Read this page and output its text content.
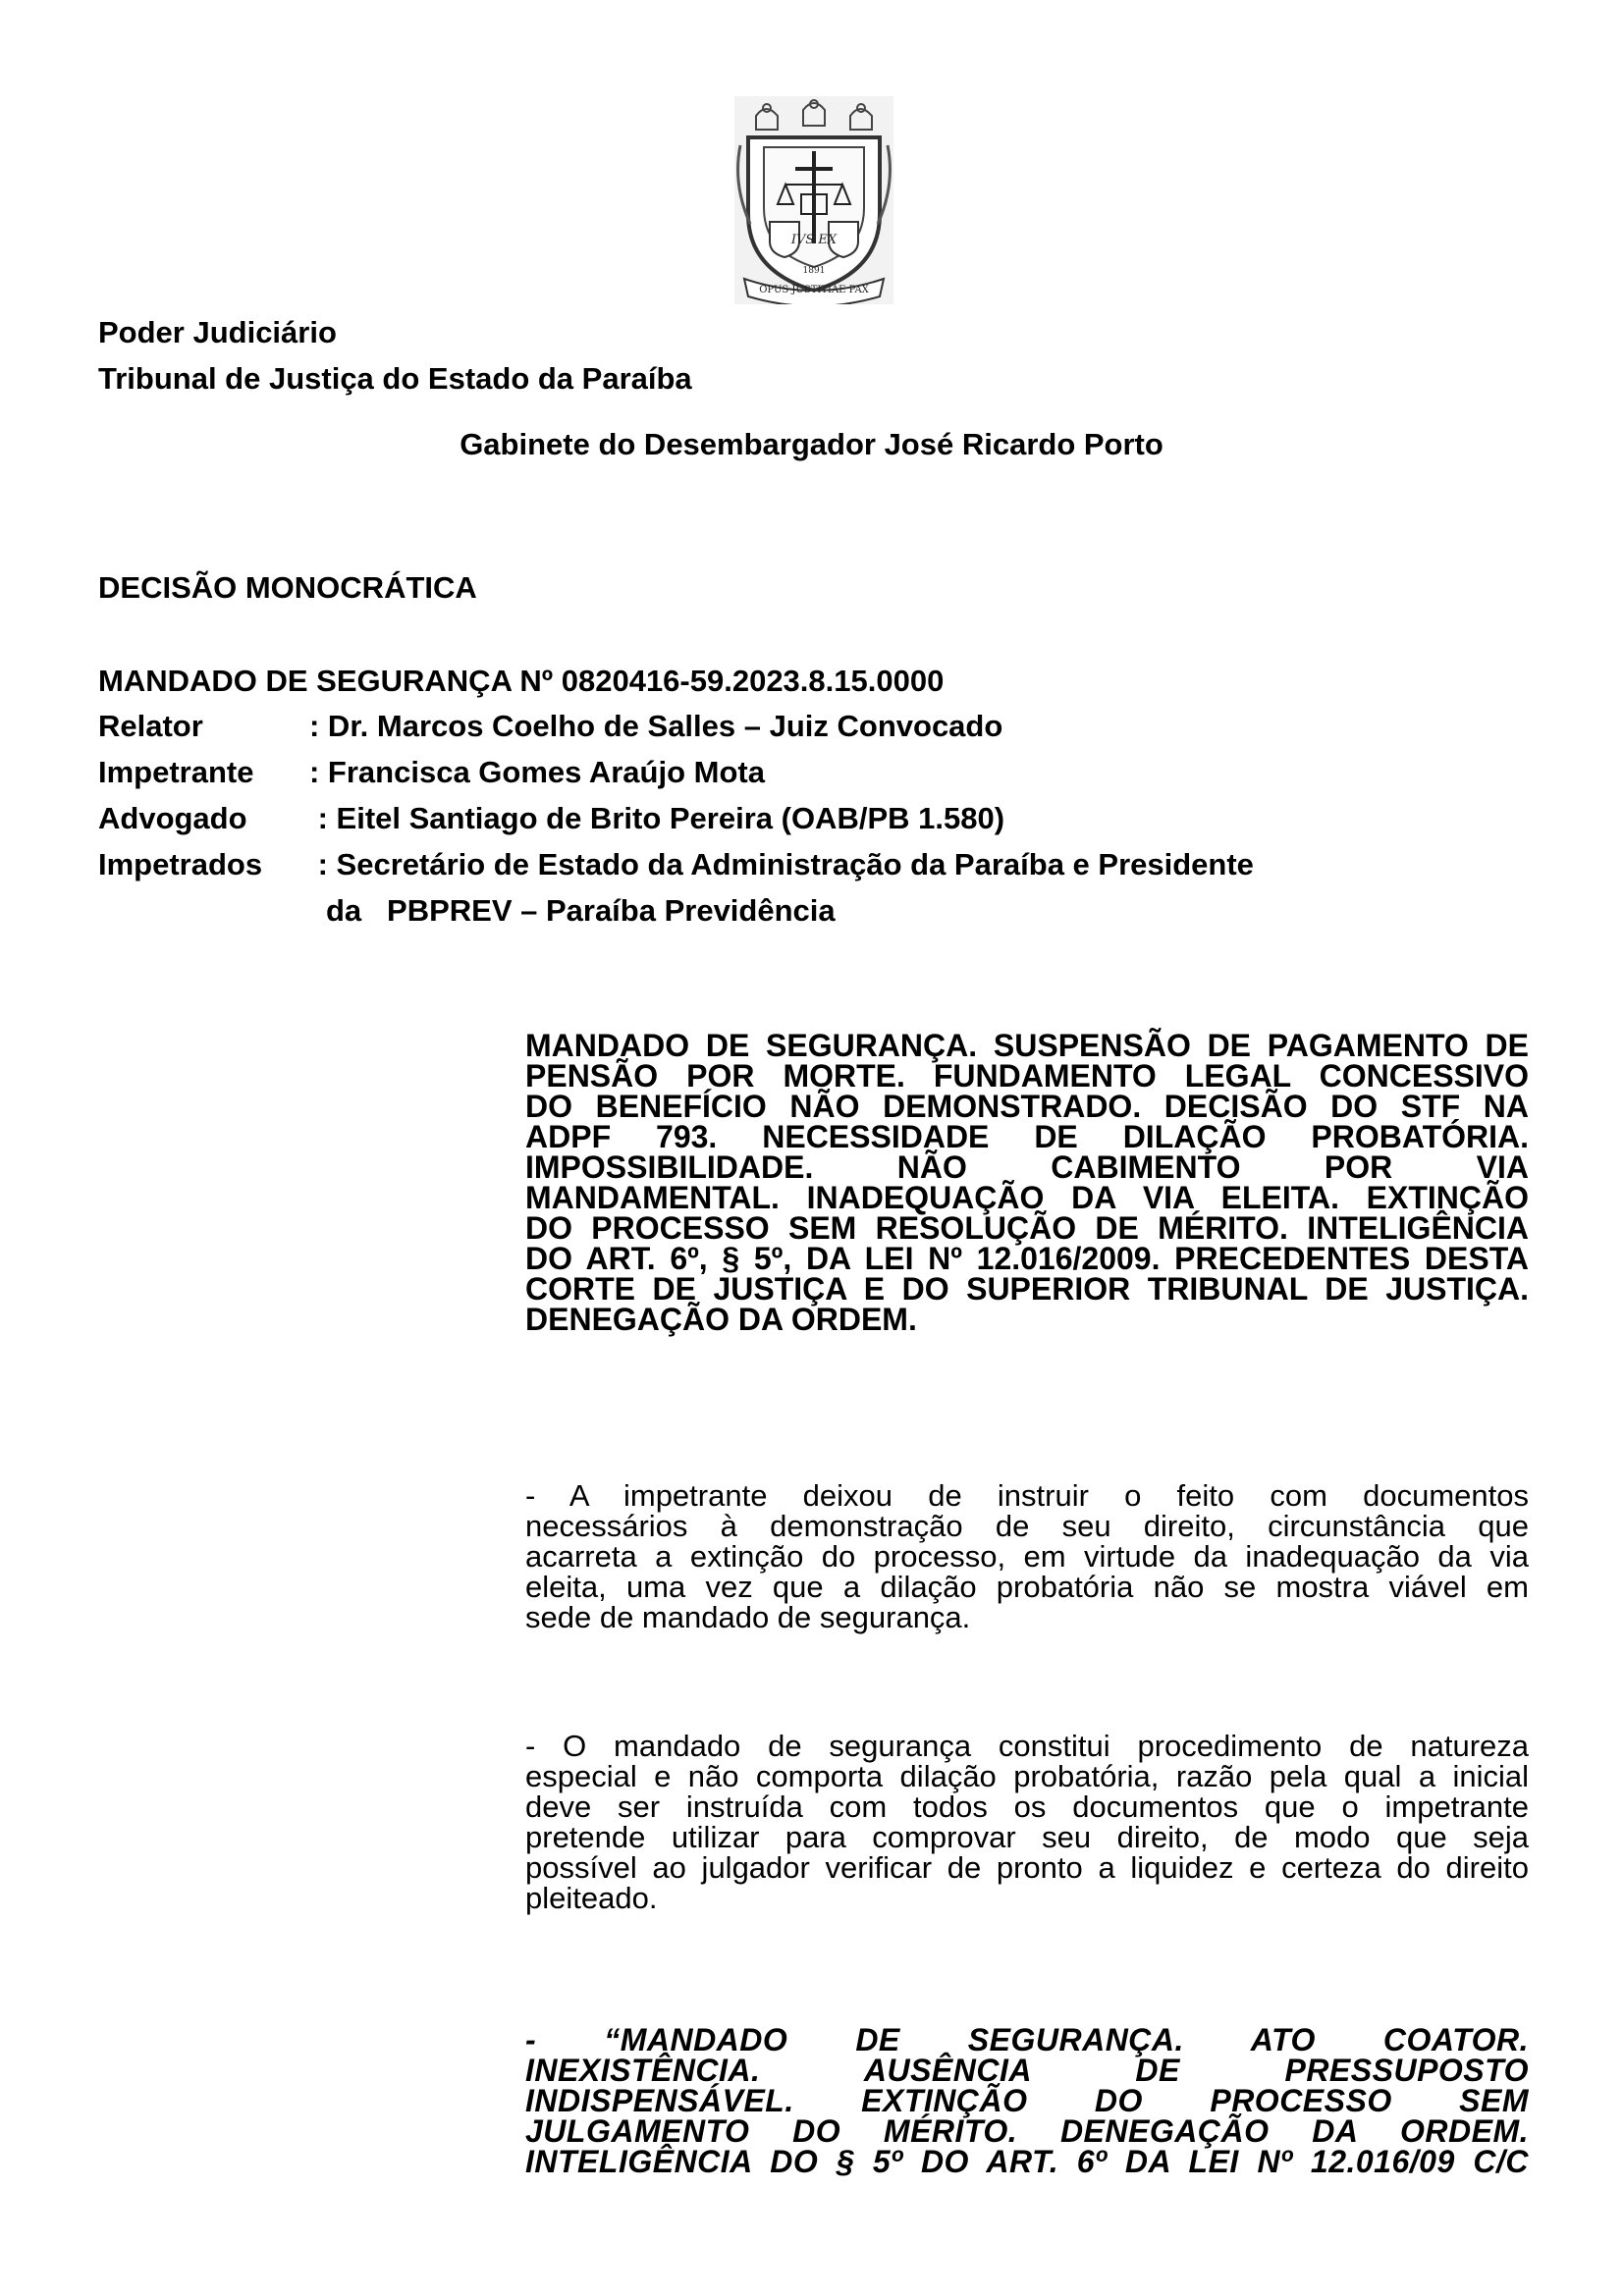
IVS EX
1891
OPUS JUSTITIAE PAX
Poder Judiciário
Tribunal de Justiça do Estado da Paraíba
Gabinete do Desembargador José Ricardo Porto
DECISÃO MONOCRÁTICA
MANDADO DE SEGURANÇA Nº 0820416-59.2023.8.15.0000
Relator	: Dr. Marcos Coelho de Salles – Juiz Convocado
Impetrante	: Francisca Gomes Araújo Mota
Advogado	: Eitel Santiago de Brito Pereira (OAB/PB 1.580)
Impetrados	: Secretário de Estado da Administração da Paraíba e Presidente
da   PBPREV – Paraíba Previdência
MANDADO DE SEGURANÇA. SUSPENSÃO DE PAGAMENTO DE
PENSÃO POR MORTE. FUNDAMENTO LEGAL CONCESSIVO
DO BENEFÍCIO NÃO DEMONSTRADO. DECISÃO DO STF NA
ADPF 793. NECESSIDADE DE DILAÇÃO PROBATÓRIA.
IMPOSSIBILIDADE. NÃO CABIMENTO POR VIA
MANDAMENTAL. INADEQUAÇÃO DA VIA ELEITA. EXTINÇÃO
DO PROCESSO SEM RESOLUÇÃO DE MÉRITO. INTELIGÊNCIA
DO ART. 6º, § 5º, DA LEI Nº 12.016/2009. PRECEDENTES DESTA
CORTE DE JUSTIÇA E DO SUPERIOR TRIBUNAL DE JUSTIÇA.
DENEGAÇÃO DA ORDEM.
- A impetrante deixou de instruir o feito com documentos
necessários à demonstração de seu direito, circunstância que
acarreta a extinção do processo, em virtude da inadequação da via
eleita, uma vez que a dilação probatória não se mostra viável em
sede de mandado de segurança.
- O mandado de segurança constitui procedimento de natureza
especial e não comporta dilação probatória, razão pela qual a inicial
deve ser instruída com todos os documentos que o impetrante
pretende utilizar para comprovar seu direito, de modo que seja
possível ao julgador verificar de pronto a liquidez e certeza do direito
pleiteado.
- “MANDADO DE SEGURANÇA. ATO COATOR.
INEXISTÊNCIA. AUSÊNCIA DE PRESSUPOSTO
INDISPENSÁVEL. EXTINÇÃO DO PROCESSO SEM
JULGAMENTO DO MÉRITO. DENEGAÇÃO DA ORDEM.
INTELIGÊNCIA DO § 5º DO ART. 6º DA LEI Nº 12.016/09 C/C
